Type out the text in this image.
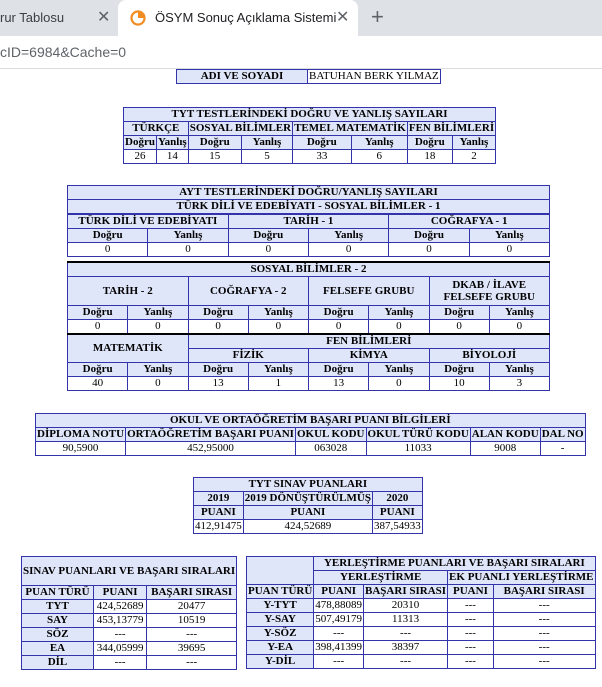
rur Tablosu ✕	ÖSYM Sonuç Açıklama Sistemi ✕ +
cID=6984&Cache=0
ADI VE SOYADI	BATUHAN BERK YILMAZ
TYT TESTLERİNDEKİ DOĞRU VE YANLIŞ SAYILARI							
TÜRKÇE		SOSYAL BİLİMLER		TEMEL MATEMATİK		FEN BİLİMLERİ	
Doğru	Yanlış	Doğru	Yanlış	Doğru	Yanlış	Doğru	Yanlış
26	14	15	5	33	6	18	2
AYT TESTLERİNDEKİ DOĞRU/YANLIŞ SAYILARI
TÜRK DİLİ VE EDEBİYATI - SOSYAL BİLİMLER - 1
TÜRK DİLİ VE EDEBİYATI		TARİH - 1		COĞRAFYA - 1	
Doğru	Yanlış	Doğru	Yanlış	Doğru	Yanlış
0	0	0	0	0	0
SOSYAL BİLİMLER - 2							
TARİH - 2		COĞRAFYA - 2		FELSEFE GRUBU		DKAB / İLAVE FELSEFE GRUBU	
Doğru	Yanlış	Doğru	Yanlış	Doğru	Yanlış	Doğru	Yanlış
0	0	0	0	0	0	0	0
MATEMATİK		FEN BİLİMLERİ					
		FİZİK		KİMYA		BİYOLOJİ	
Doğru	Yanlış	Doğru	Yanlış	Doğru	Yanlış	Doğru	Yanlış
40	0	13	1	13	0	10	3
OKUL VE ORTAÖĞRETİM BAŞARI PUANI BİLGİLERİ					
DİPLOMA NOTU	ORTAÖĞRETİM BAŞARI PUANI	OKUL KODU	OKUL TÜRÜ KODU	ALAN KODU	DAL NO
90,5900	452,95000	063028	11033	9008	-
TYT SINAV PUANLARI		
2019	2019 DÖNÜŞTÜRÜLMÜŞ	2020
PUANI	PUANI	PUANI
412,91475	424,52689	387,54933
SINAV PUANLARI VE BAŞARI SIRALARI		
PUAN TÜRÜ	PUANI	BAŞARI SIRASI
TYT	424,52689	20477
SAY	453,13779	10519
SÖZ	---	---
EA	344,05999	39695
DİL	---	---
	YERLEŞTİRME PUANLARI VE BAŞARI SIRALARI			
	YERLEŞTİRME		EK PUANLI YERLEŞTİRME	
PUAN TÜRÜ	PUANI	BAŞARI SIRASI	PUANI	BAŞARI SIRASI
Y-TYT	478,88089	20310	---	---
Y-SAY	507,49179	11313	---	---
Y-SÖZ	---	---	---	---
Y-EA	398,41399	38397	---	---
Y-DİL	---	---	---	---
